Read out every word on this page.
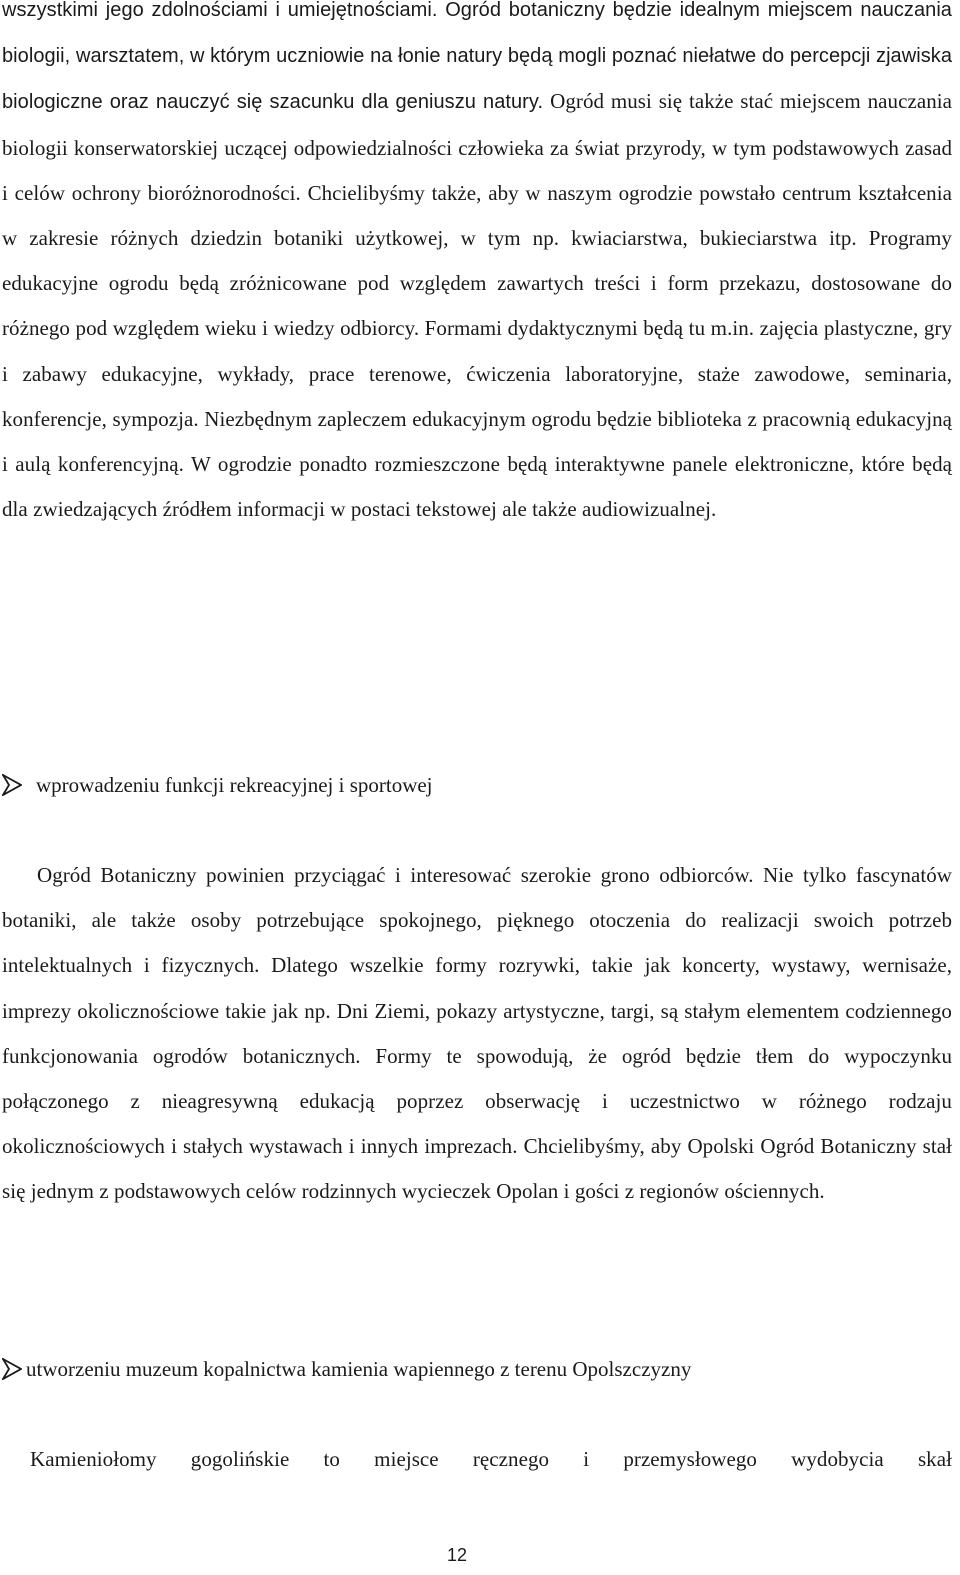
wszystkimi jego zdolnościami i umiejętnościami. Ogród botaniczny będzie idealnym miejscem nauczania biologii, warsztatem, w którym uczniowie na łonie natury będą mogli poznać niełatwe do percepcji zjawiska biologiczne oraz nauczyć się szacunku dla geniuszu natury. Ogród musi się także stać miejscem nauczania biologii konserwatorskiej uczącej odpowiedzialności człowieka za świat przyrody, w tym podstawowych zasad i celów ochrony bioróżnorodności. Chcielibyśmy także, aby w naszym ogrodzie powstało centrum kształcenia w zakresie różnych dziedzin botaniki użytkowej, w tym np. kwiaciarstwa, bukieciarstwa itp. Programy edukacyjne ogrodu będą zróżnicowane pod względem zawartych treści i form przekazu, dostosowane do różnego pod względem wieku i wiedzy odbiorcy. Formami dydaktycznymi będą tu m.in. zajęcia plastyczne, gry i zabawy edukacyjne, wykłady, prace terenowe, ćwiczenia laboratoryjne, staże zawodowe, seminaria, konferencje, sympozja. Niezbędnym zapleczem edukacyjnym ogrodu będzie biblioteka z pracownią edukacyjną i aulą konferencyjną. W ogrodzie ponadto rozmieszczone będą interaktywne panele elektroniczne, które będą dla zwiedzających źródłem informacji w postaci tekstowej ale także audiowizualnej.

wprowadzeniu funkcji rekreacyjnej i sportowej

Ogród Botaniczny powinien przyciągać i interesować szerokie grono odbiorców. Nie tylko fascynatów botaniki, ale także osoby potrzebujące spokojnego, pięknego otoczenia do realizacji swoich potrzeb intelektualnych i fizycznych. Dlatego wszelkie formy rozrywki, takie jak koncerty, wystawy, wernisaże, imprezy okolicznościowe takie jak np. Dni Ziemi, pokazy artystyczne, targi, są stałym elementem codziennego funkcjonowania ogrodów botanicznych. Formy te spowodują, że ogród będzie tłem do wypoczynku połączonego z nieagresywną edukacją poprzez obserwację i uczestnictwo w różnego rodzaju okolicznościowych i stałych wystawach i innych imprezach. Chcielibyśmy, aby Opolski Ogród Botaniczny stał się jednym z podstawowych celów rodzinnych wycieczek Opolan i gości z regionów ościennych.

utworzeniu muzeum kopalnictwa kamienia wapiennego z terenu Opolszczyzny

Kamieniołomy gogolińskie to miejsce ręcznego i przemysłowego wydobycia skał

12
